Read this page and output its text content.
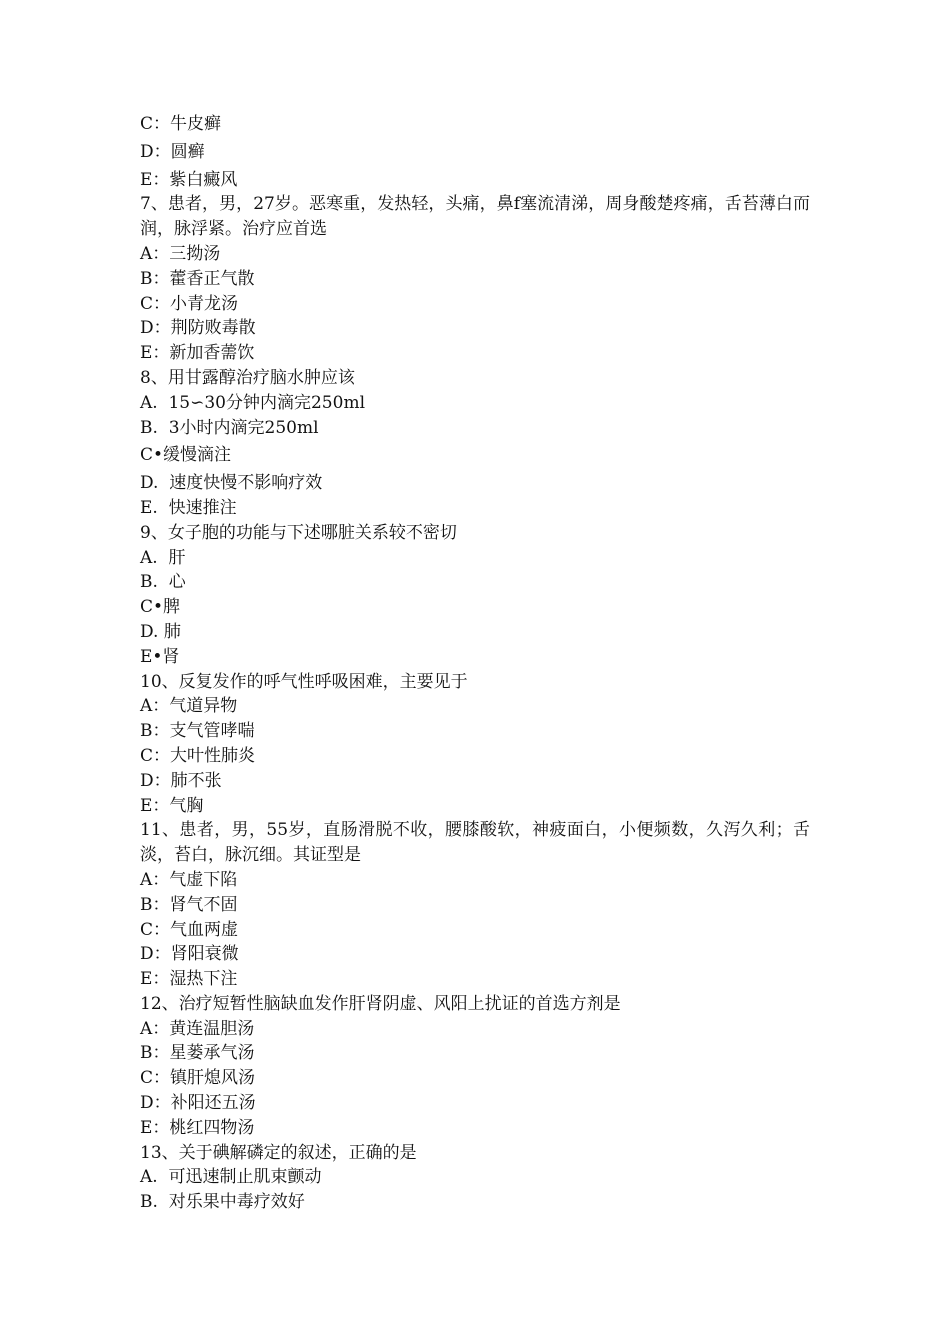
C：牛皮癣

D：圆癣

E：紫白癜风

7、患者，男，27岁。恶寒重，发热轻，头痛，鼻f塞流清涕，周身酸楚疼痛，舌苔薄白而润，脉浮紧。治疗应首选

A：三拗汤

B：藿香正气散

C：小青龙汤

D：荆防败毒散

E：新加香薷饮

8、用甘露醇治疗脑水肿应该

A.  15∽30分钟内滴完250ml

B.  3小时内滴完250ml

C•缓慢滴注

D.  速度快慢不影响疗效

E.  快速推注

9、女子胞的功能与下述哪脏关系较不密切

A.  肝

B.  心

C•脾

D. 肺

E•肾

10、反复发作的呼气性呼吸困难，主要见于

A：气道异物

B：支气管哮喘

C：大叶性肺炎

D：肺不张

E：气胸

11、患者，男，55岁，直肠滑脱不收，腰膝酸软，神疲面白，小便频数，久泻久利；舌淡，苔白，脉沉细。其证型是

A：气虚下陷

B：肾气不固

C：气血两虚

D：肾阳衰微

E：湿热下注

12、治疗短暂性脑缺血发作肝肾阴虚、风阳上扰证的首选方剂是

A：黄连温胆汤

B：星蒌承气汤

C：镇肝熄风汤

D：补阳还五汤

E：桃红四物汤

13、关于碘解磷定的叙述，正确的是

A.  可迅速制止肌束颤动

B.  对乐果中毒疗效好
